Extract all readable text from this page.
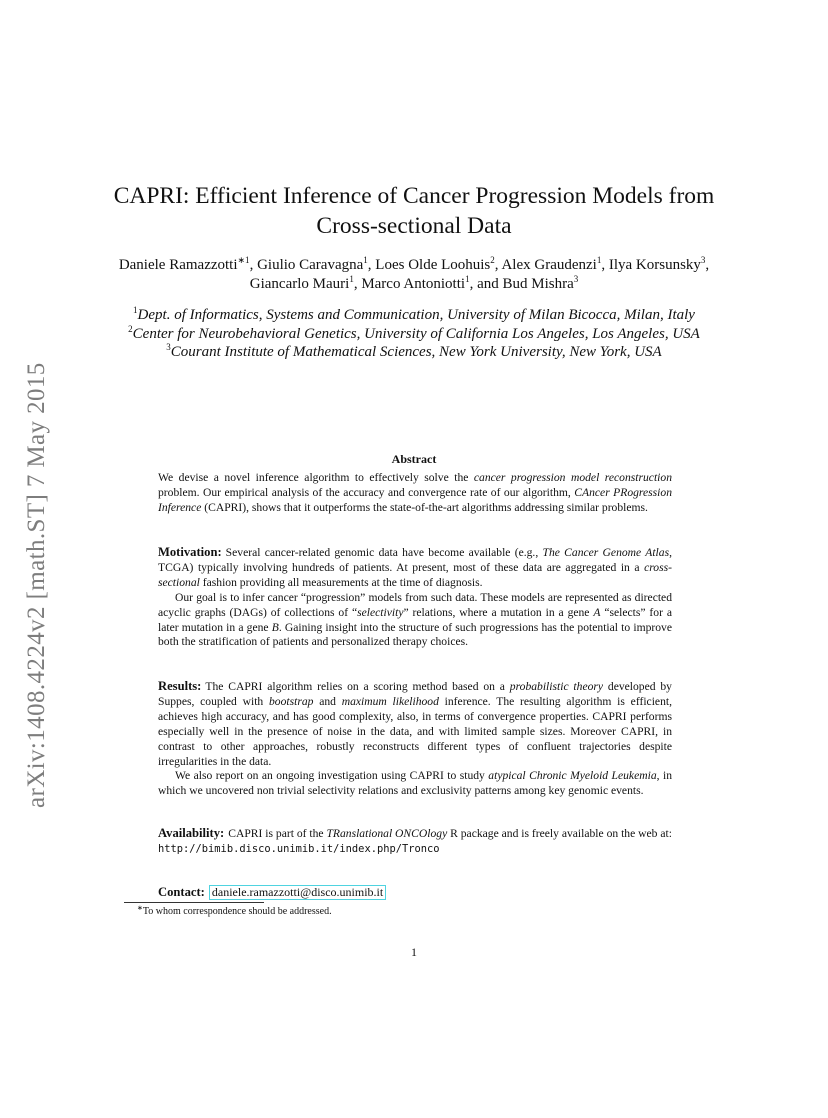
arXiv:1408.4224v2 [math.ST] 7 May 2015
CAPRI: Efficient Inference of Cancer Progression Models from
Cross-sectional Data
Daniele Ramazzotti$^{∗1}$, Giulio Caravagna$^1$, Loes Olde Loohuis$^2$, Alex Graudenzi$^1$, Ilya Korsunsky$^3$, Giancarlo Mauri$^1$, Marco Antoniotti$^1$, and Bud Mishra$^3$
$^1$Dept. of Informatics, Systems and Communication, University of Milan Bicocca, Milan, Italy
$^2$Center for Neurobehavioral Genetics, University of California Los Angeles, Los Angeles, USA
$^3$Courant Institute of Mathematical Sciences, New York University, New York, USA
Abstract
We devise a novel inference algorithm to effectively solve the cancer progression model reconstruction problem. Our empirical analysis of the accuracy and convergence rate of our algorithm, CAncer PRogression Inference (CAPRI), shows that it outperforms the state-of-the-art algorithms addressing similar problems.
Motivation: Several cancer-related genomic data have become available (e.g., The Cancer Genome Atlas, TCGA) typically involving hundreds of patients. At present, most of these data are aggregated in a cross-sectional fashion providing all measurements at the time of diagnosis.
Our goal is to infer cancer “progression” models from such data. These models are represented as directed acyclic graphs (DAGs) of collections of “selectivity” relations, where a mutation in a gene A “selects” for a later mutation in a gene B. Gaining insight into the structure of such progressions has the potential to improve both the stratification of patients and personalized therapy choices.
Results: The CAPRI algorithm relies on a scoring method based on a probabilistic theory developed by Suppes, coupled with bootstrap and maximum likelihood inference. The resulting algorithm is efficient, achieves high accuracy, and has good complexity, also, in terms of convergence properties. CAPRI performs especially well in the presence of noise in the data, and with limited sample sizes. Moreover CAPRI, in contrast to other approaches, robustly reconstructs different types of confluent trajectories despite irregularities in the data.
We also report on an ongoing investigation using CAPRI to study atypical Chronic Myeloid Leukemia, in which we uncovered non trivial selectivity relations and exclusivity patterns among key genomic events.
Availability: CAPRI is part of the TRanslational ONCOlogy R package and is freely available on the web at:
http://bimib.disco.unimib.it/index.php/Tronco
Contact: daniele.ramazzotti@disco.unimib.it
∗To whom correspondence should be addressed.
1
